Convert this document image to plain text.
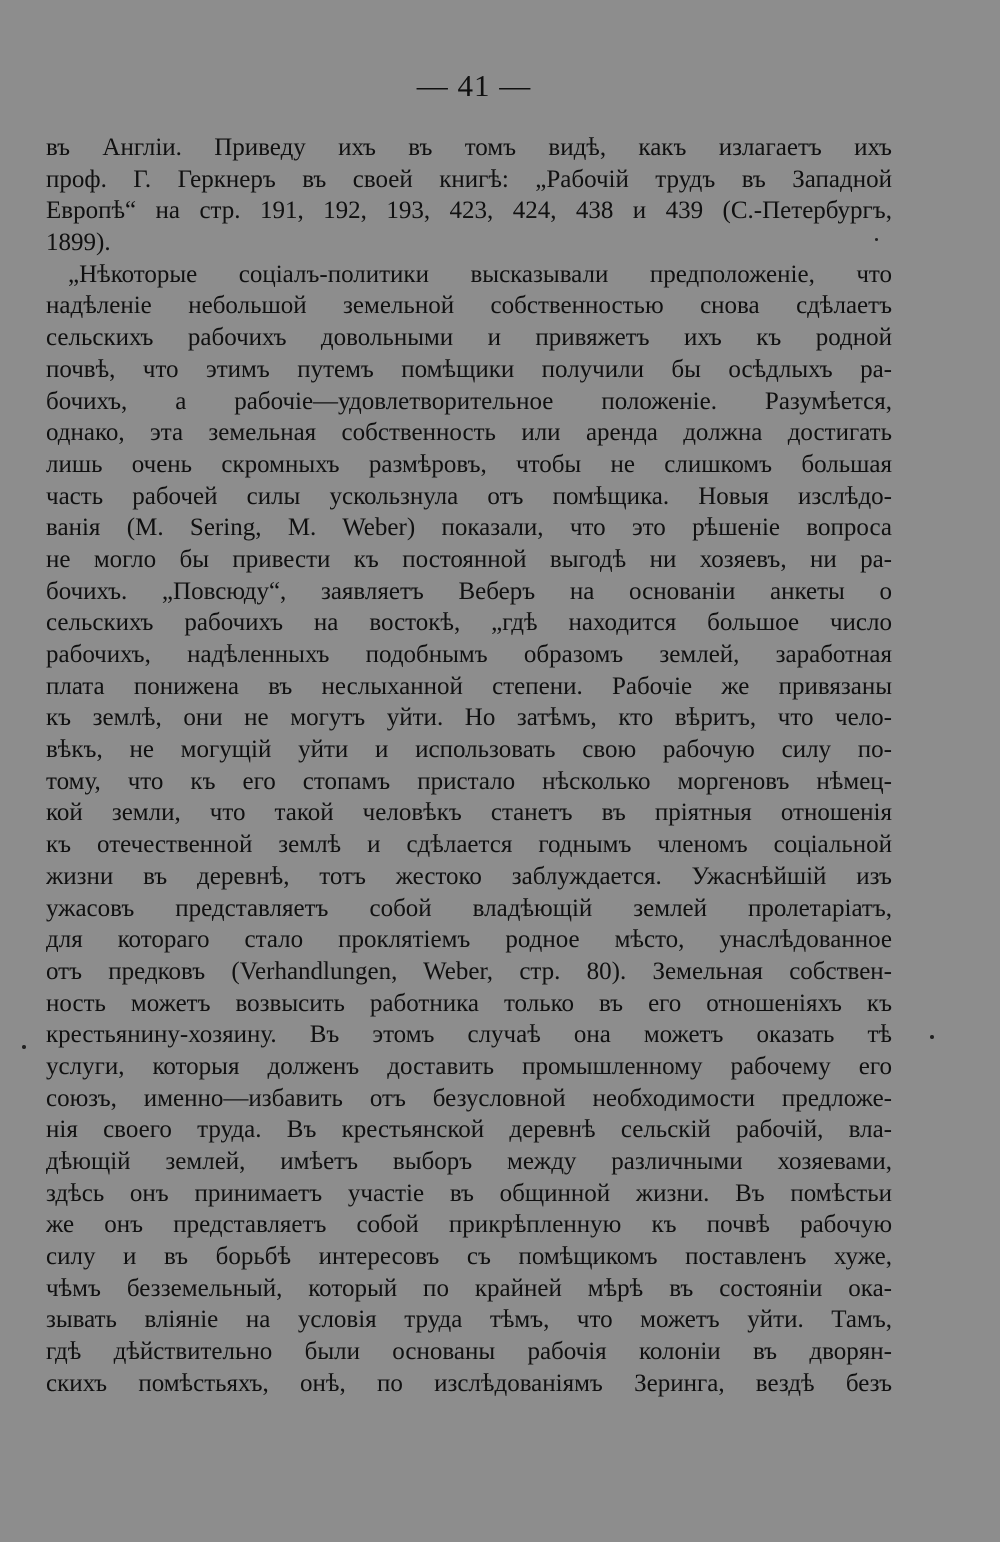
— 41 —
въ Англіи. Приведу ихъ въ томъ видѣ, какъ излагаетъ ихъ
проф. Г. Геркнеръ въ своей книгѣ: „Рабочій трудъ въ Западной
Европѣ“ на стр. 191, 192, 193, 423, 424, 438 и 439 (С.-Петербургъ,
1899).
„Нѣкоторые соціалъ-политики высказывали предположеніе, что
надѣленіе небольшой земельной собственностью снова сдѣлаетъ
сельскихъ рабочихъ довольными и привяжетъ ихъ къ родной
почвѣ, что этимъ путемъ помѣщики получили бы осѣдлыхъ ра-
бочихъ, а рабочіе—удовлетворительное положеніе. Разумѣется,
однако, эта земельная собственность или аренда должна достигать
лишь очень скромныхъ размѣровъ, чтобы не слишкомъ большая
часть рабочей силы ускользнула отъ помѣщика. Новыя изслѣдо-
ванія (M. Sering, M. Weber) показали, что это рѣшеніе вопроса
не могло бы привести къ постоянной выгодѣ ни хозяевъ, ни ра-
бочихъ. „Повсюду“, заявляетъ Веберъ на основаніи анкеты о
сельскихъ рабочихъ на востокѣ, „гдѣ находится большое число
рабочихъ, надѣленныхъ подобнымъ образомъ землей, заработная
плата понижена въ неслыханной степени. Рабочіе же привязаны
къ землѣ, они не могутъ уйти. Но затѣмъ, кто вѣритъ, что чело-
вѣкъ, не могущій уйти и использовать свою рабочую силу по-
тому, что къ его стопамъ пристало нѣсколько моргеновъ нѣмец-
кой земли, что такой человѣкъ станетъ въ пріятныя отношенія
къ отечественной землѣ и сдѣлается годнымъ членомъ соціальной
жизни въ деревнѣ, тотъ жестоко заблуждается. Ужаснѣйшій изъ
ужасовъ представляетъ собой владѣющій землей пролетаріатъ,
для котораго стало проклятіемъ родное мѣсто, унаслѣдованное
отъ предковъ (Verhandlungen, Weber, стр. 80). Земельная собствен-
ность можетъ возвысить работника только въ его отношеніяхъ къ
крестьянину-хозяину. Въ этомъ случаѣ она можетъ оказать тѣ
услуги, которыя долженъ доставить промышленному рабочему его
союзъ, именно—избавить отъ безусловной необходимости предложе-
нія своего труда. Въ крестьянской деревнѣ сельскій рабочій, вла-
дѣющій землей, имѣетъ выборъ между различными хозяевами,
здѣсь онъ принимаетъ участіе въ общинной жизни. Въ помѣстьи
же онъ представляетъ собой прикрѣпленную къ почвѣ рабочую
силу и въ борьбѣ интересовъ съ помѣщикомъ поставленъ хуже,
чѣмъ безземельный, который по крайней мѣрѣ въ состояніи ока-
зывать вліяніе на условія труда тѣмъ, что можетъ уйти. Тамъ,
гдѣ дѣйствительно были основаны рабочія колоніи въ дворян-
скихъ помѣстьяхъ, онѣ, по изслѣдованіямъ Зеринга, вездѣ безъ
